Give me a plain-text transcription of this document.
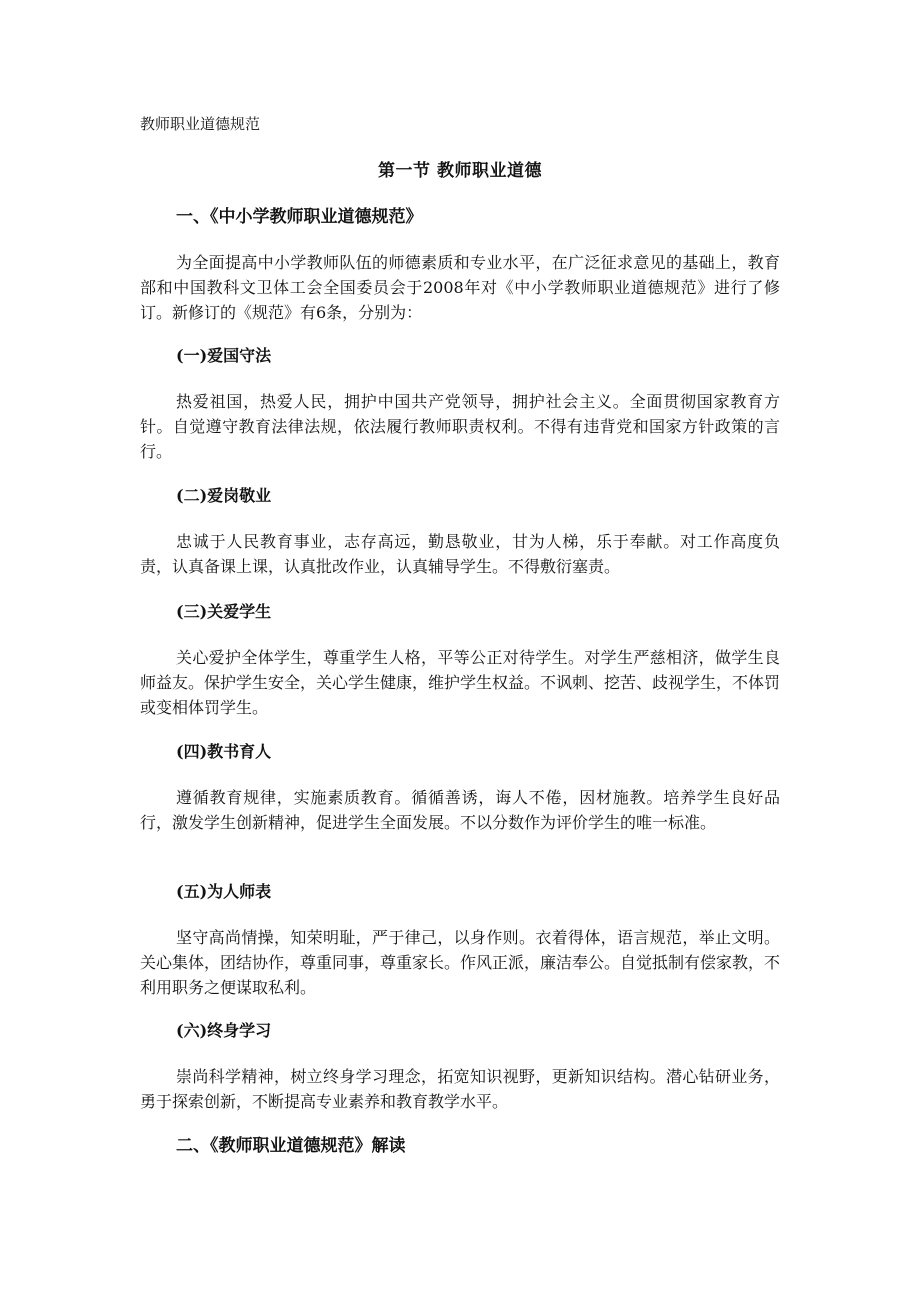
教师职业道德规范

第一节 教师职业道德
一、《中小学教师职业道德规范》

为全面提高中小学教师队伍的师德素质和专业水平，在广泛征求意见的基础上，教育部和中国教科文卫体工会全国委员会于2008年对《中小学教师职业道德规范》进行了修订。新修订的《规范》有6条，分别为：

(一)爱国守法

热爱祖国，热爱人民，拥护中国共产党领导，拥护社会主义。全面贯彻国家教育方针。自觉遵守教育法律法规，依法履行教师职责权利。不得有违背党和国家方针政策的言行。

(二)爱岗敬业

忠诚于人民教育事业，志存高远，勤恳敬业，甘为人梯，乐于奉献。对工作高度负责，认真备课上课，认真批改作业，认真辅导学生。不得敷衍塞责。

(三)关爱学生

关心爱护全体学生，尊重学生人格，平等公正对待学生。对学生严慈相济，做学生良师益友。保护学生安全，关心学生健康，维护学生权益。不讽刺、挖苦、歧视学生，不体罚或变相体罚学生。

(四)教书育人

遵循教育规律，实施素质教育。循循善诱，诲人不倦，因材施教。培养学生良好品行，激发学生创新精神，促进学生全面发展。不以分数作为评价学生的唯一标准。

(五)为人师表

坚守高尚情操，知荣明耻，严于律己，以身作则。衣着得体，语言规范，举止文明。关心集体，团结协作，尊重同事，尊重家长。作风正派，廉洁奉公。自觉抵制有偿家教，不利用职务之便谋取私利。

(六)终身学习

崇尚科学精神，树立终身学习理念，拓宽知识视野，更新知识结构。潜心钻研业务，勇于探索创新，不断提高专业素养和教育教学水平。

二、《教师职业道德规范》解读
